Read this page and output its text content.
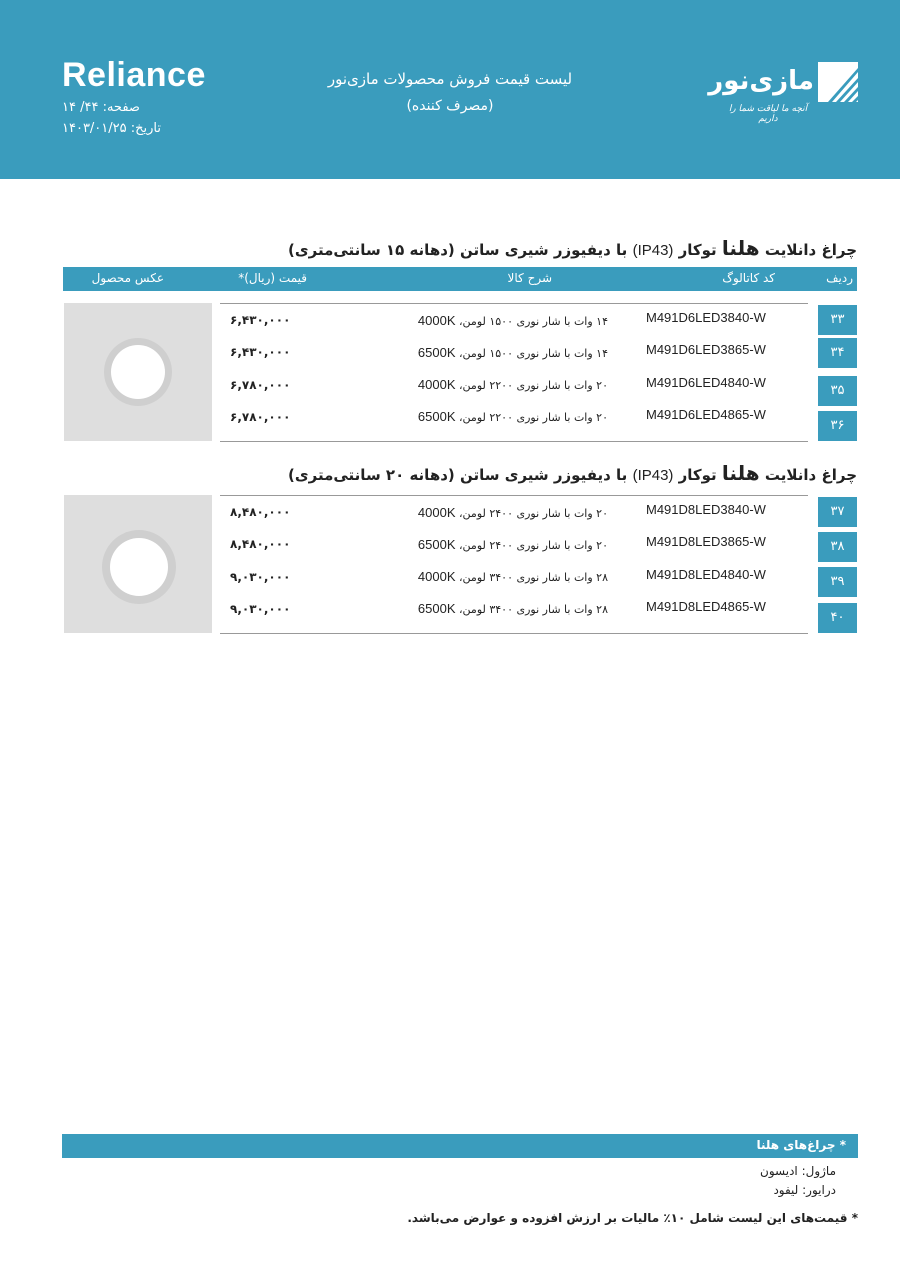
Reliance
صفحه: ۴۴/ ۱۴
تاریخ: ۱۴۰۳/۰۱/۲۵
لیست قیمت فروش محصولات مازی‌نور
(مصرف کننده)
مازی‌نور
آنچه ما لیاقت شما را داریم
چراغ دانلایت هلنا توکار (IP43) با دیفیوزر شیری ساتن (دهانه ۱۵ سانتی‌متری)
ردیف
کد کاتالوگ
شرح کالا
قیمت (ریال)*
عکس محصول
۳۳
۳۴
۳۵
۳۶
M491D6LED3840-W
M491D6LED3865-W
M491D6LED4840-W
M491D6LED4865-W
۱۴ وات با شار نوری ۱۵۰۰ لومن، 4000K
۱۴ وات با شار نوری ۱۵۰۰ لومن، 6500K
۲۰ وات با شار نوری ۲۲۰۰ لومن، 4000K
۲۰ وات با شار نوری ۲۲۰۰ لومن، 6500K
۶,۴۳۰,۰۰۰
۶,۴۳۰,۰۰۰
۶,۷۸۰,۰۰۰
۶,۷۸۰,۰۰۰
چراغ دانلایت هلنا توکار (IP43) با دیفیوزر شیری ساتن (دهانه ۲۰ سانتی‌متری)
۳۷
۳۸
۳۹
۴۰
M491D8LED3840-W
M491D8LED3865-W
M491D8LED4840-W
M491D8LED4865-W
۲۰ وات با شار نوری ۲۴۰۰ لومن، 4000K
۲۰ وات با شار نوری ۲۴۰۰ لومن، 6500K
۲۸ وات با شار نوری ۳۴۰۰ لومن، 4000K
۲۸ وات با شار نوری ۳۴۰۰ لومن، 6500K
۸,۴۸۰,۰۰۰
۸,۴۸۰,۰۰۰
۹,۰۳۰,۰۰۰
۹,۰۳۰,۰۰۰
* چراغ‌های هلنا
ماژول: ادیسون
درایور: لیفود
* قیمت‌های این لیست شامل ۱۰٪ مالیات بر ارزش افزوده و عوارض می‌باشد.
